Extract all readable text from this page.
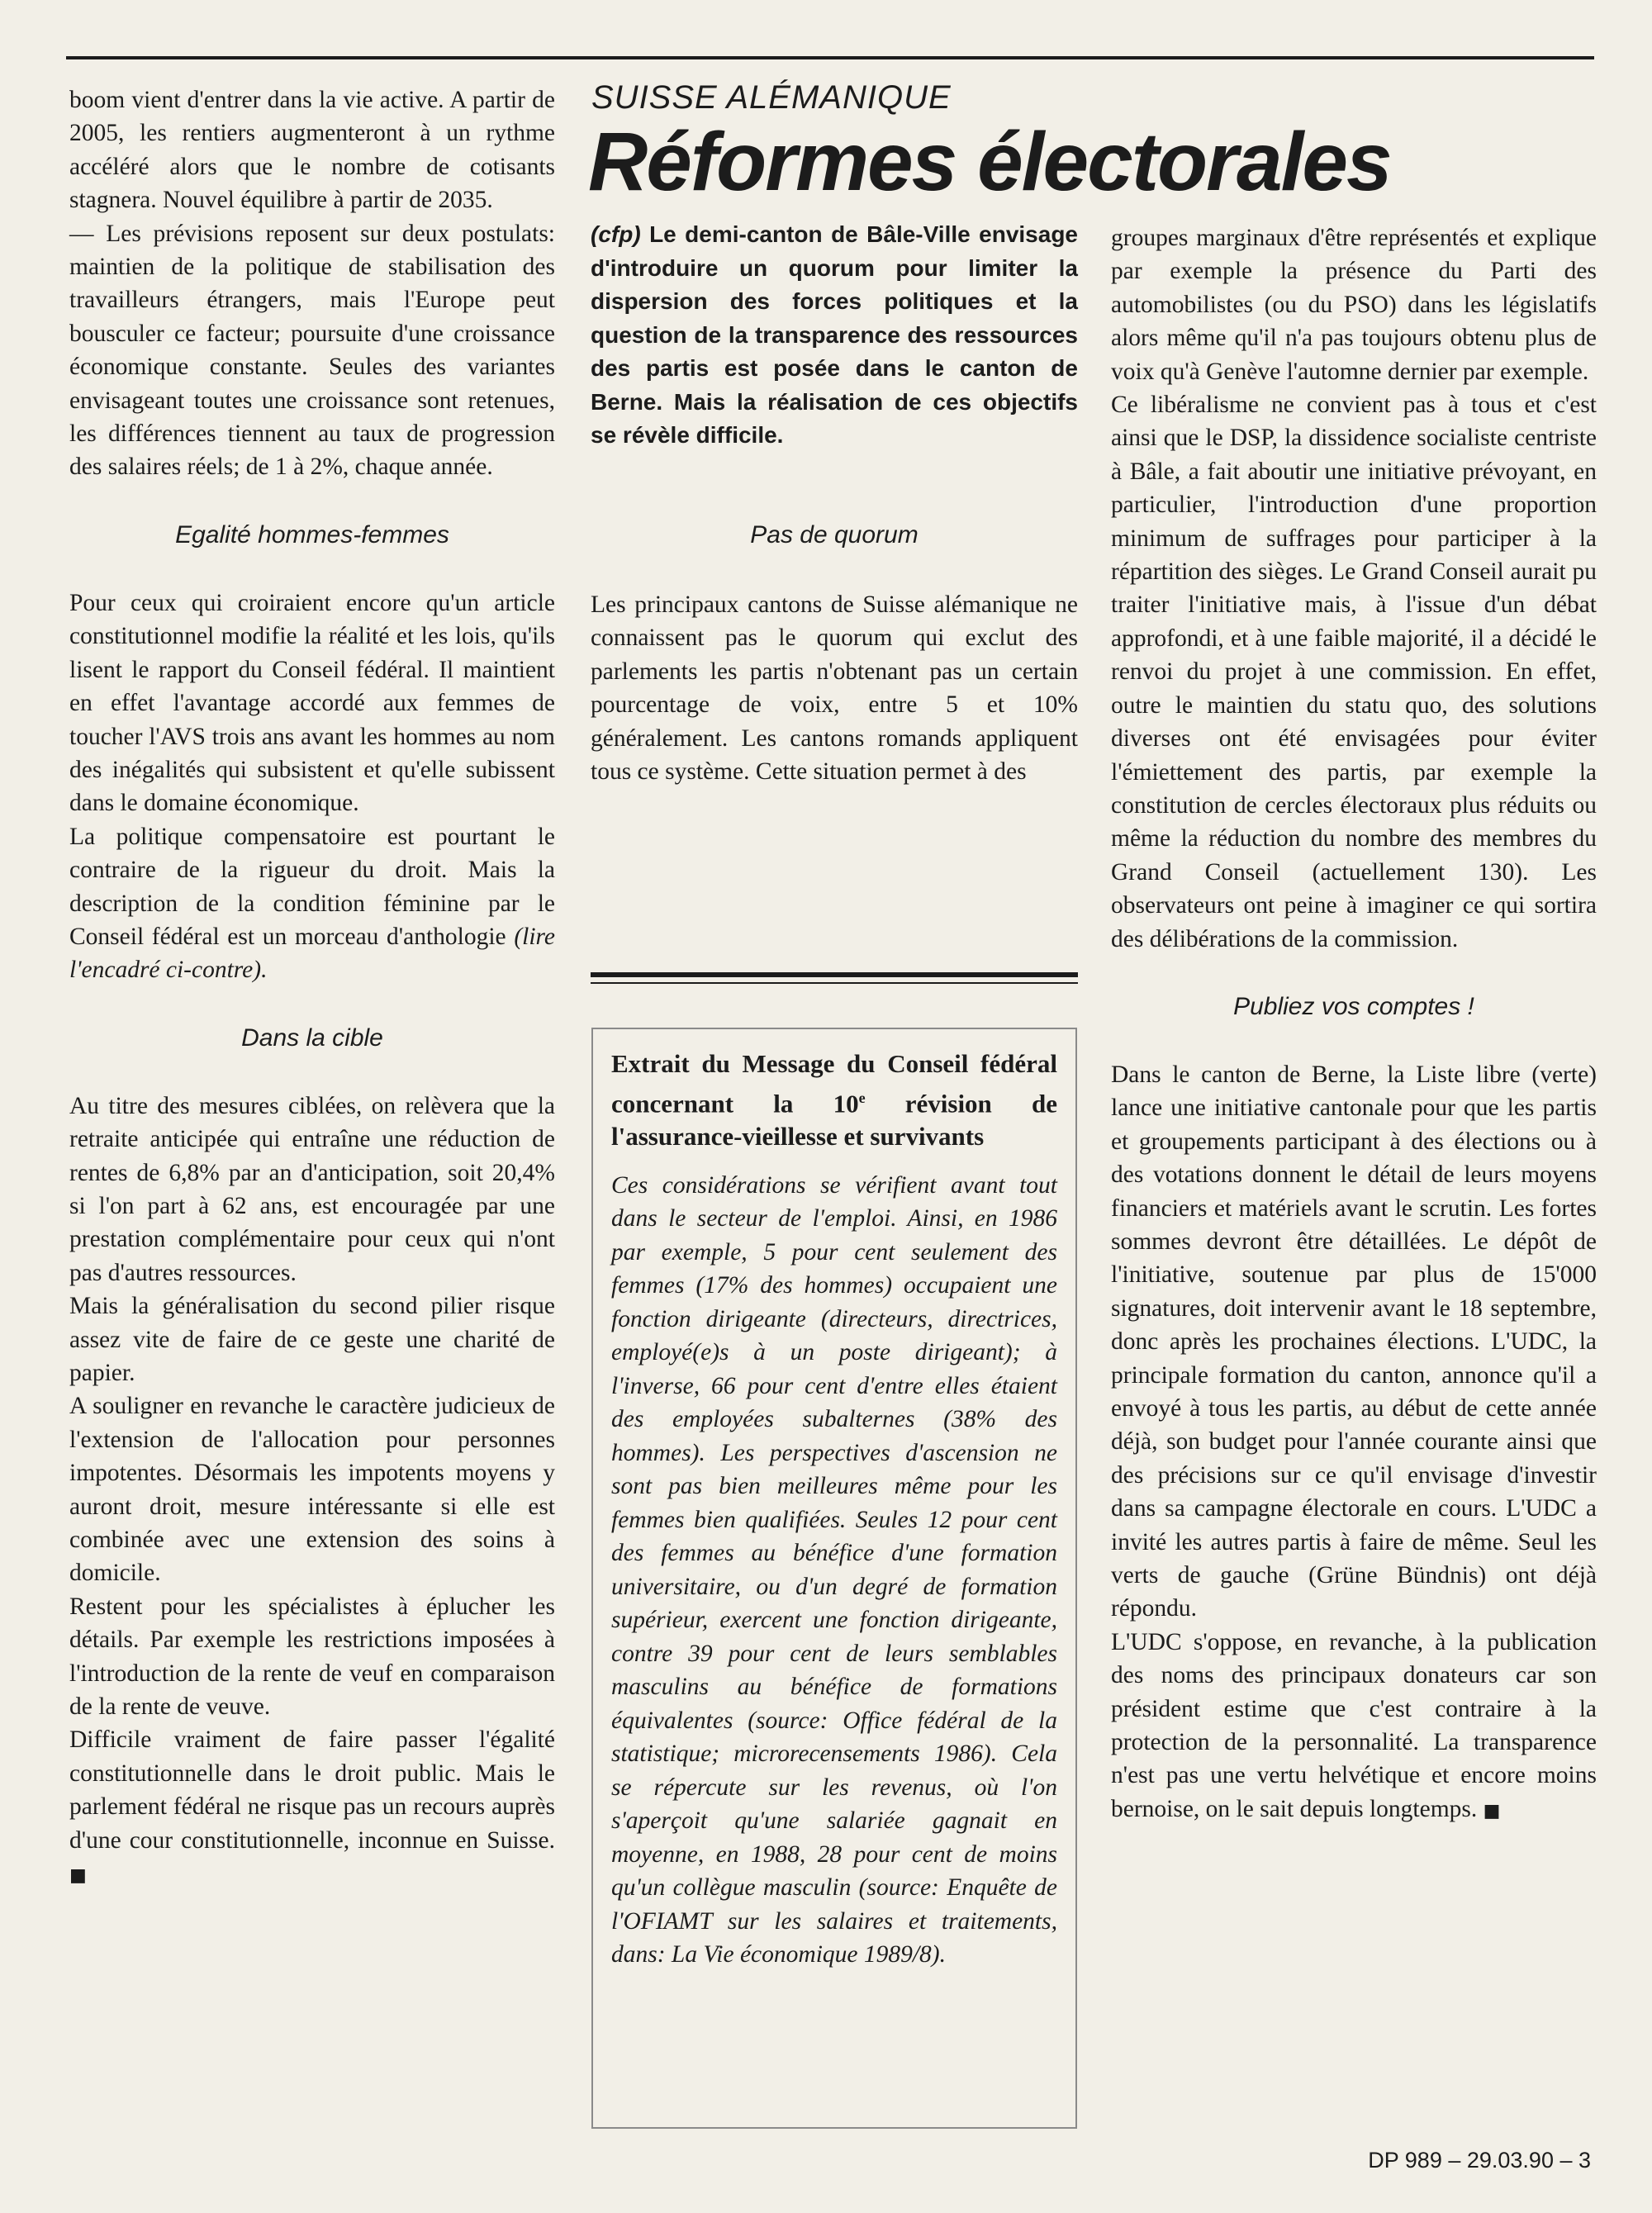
boom vient d'entrer dans la vie active. A partir de 2005, les rentiers augmenteront à un rythme accéléré alors que le nombre de cotisants stagnera. Nouvel équilibre à partir de 2035.

— Les prévisions reposent sur deux postulats: maintien de la politique de stabilisation des travailleurs étrangers, mais l'Europe peut bousculer ce facteur; poursuite d'une croissance économique constante. Seules des variantes envisageant toutes une croissance sont retenues, les différences tiennent au taux de progression des salaires réels; de 1 à 2%, chaque année.

Egalité hommes-femmes

Pour ceux qui croiraient encore qu'un article constitutionnel modifie la réalité et les lois, qu'ils lisent le rapport du Conseil fédéral. Il maintient en effet l'avantage accordé aux femmes de toucher l'AVS trois ans avant les hommes au nom des inégalités qui subsistent et qu'elle subissent dans le domaine économique.

La politique compensatoire est pourtant le contraire de la rigueur du droit. Mais la description de la condition féminine par le Conseil fédéral est un morceau d'anthologie (lire l'encadré ci-contre).

Dans la cible

Au titre des mesures ciblées, on relèvera que la retraite anticipée qui entraîne une réduction de rentes de 6,8% par an d'anticipation, soit 20,4% si l'on part à 62 ans, est encouragée par une prestation complémentaire pour ceux qui n'ont pas d'autres ressources.

Mais la généralisation du second pilier risque assez vite de faire de ce geste une charité de papier.

A souligner en revanche le caractère judicieux de l'extension de l'allocation pour personnes impotentes. Désormais les impotents moyens y auront droit, mesure intéressante si elle est combinée avec une extension des soins à domicile.

Restent pour les spécialistes à éplucher les détails. Par exemple les restrictions imposées à l'introduction de la rente de veuf en comparaison de la rente de veuve.

Difficile vraiment de faire passer l'égalité constitutionnelle dans le droit public. Mais le parlement fédéral ne risque pas un recours auprès d'une cour constitutionnelle, inconnue en Suisse. ■

SUISSE ALÉMANIQUE
Réformes électorales
(cfp) Le demi-canton de Bâle-Ville envisage d'introduire un quorum pour limiter la dispersion des forces politiques et la question de la transparence des ressources des partis est posée dans le canton de Berne. Mais la réalisation de ces objectifs se révèle difficile.
Pas de quorum

Les principaux cantons de Suisse alémanique ne connaissent pas le quorum qui exclut des parlements les partis n'obtenant pas un certain pourcentage de voix, entre 5 et 10% généralement. Les cantons romands appliquent tous ce système. Cette situation permet à des

Extrait du Message du Conseil fédéral concernant la 10e révision de l'assurance-vieillesse et survivants
Ces considérations se vérifient avant tout dans le secteur de l'emploi. Ainsi, en 1986 par exemple, 5 pour cent seulement des femmes (17% des hommes) occupaient une fonction dirigeante (directeurs, directrices, employé(e)s à un poste dirigeant); à l'inverse, 66 pour cent d'entre elles étaient des employées subalternes (38% des hommes). Les perspectives d'ascension ne sont pas bien meilleures même pour les femmes bien qualifiées. Seules 12 pour cent des femmes au bénéfice d'une formation universitaire, ou d'un degré de formation supérieur, exercent une fonction dirigeante, contre 39 pour cent de leurs semblables masculins au bénéfice de formations équivalentes (source: Office fédéral de la statistique; microrecensements 1986). Cela se répercute sur les revenus, où l'on s'aperçoit qu'une salariée gagnait en moyenne, en 1988, 28 pour cent de moins qu'un collègue masculin (source: Enquête de l'OFIAMT sur les salaires et traitements, dans: La Vie économique 1989/8).

groupes marginaux d'être représentés et explique par exemple la présence du Parti des automobilistes (ou du PSO) dans les législatifs alors même qu'il n'a pas toujours obtenu plus de voix qu'à Genève l'automne dernier par exemple.

Ce libéralisme ne convient pas à tous et c'est ainsi que le DSP, la dissidence socialiste centriste à Bâle, a fait aboutir une initiative prévoyant, en particulier, l'introduction d'une proportion minimum de suffrages pour participer à la répartition des sièges. Le Grand Conseil aurait pu traiter l'initiative mais, à l'issue d'un débat approfondi, et à une faible majorité, il a décidé le renvoi du projet à une commission. En effet, outre le maintien du statu quo, des solutions diverses ont été envisagées pour éviter l'émiettement des partis, par exemple la constitution de cercles électoraux plus réduits ou même la réduction du nombre des membres du Grand Conseil (actuellement 130). Les observateurs ont peine à imaginer ce qui sortira des délibérations de la commission.

Publiez vos comptes !

Dans le canton de Berne, la Liste libre (verte) lance une initiative cantonale pour que les partis et groupements participant à des élections ou à des votations donnent le détail de leurs moyens financiers et matériels avant le scrutin. Les fortes sommes devront être détaillées. Le dépôt de l'initiative, soutenue par plus de 15'000 signatures, doit intervenir avant le 18 septembre, donc après les prochaines élections. L'UDC, la principale formation du canton, annonce qu'il a envoyé à tous les partis, au début de cette année déjà, son budget pour l'année courante ainsi que des précisions sur ce qu'il envisage d'investir dans sa campagne électorale en cours. L'UDC a invité les autres partis à faire de même. Seul les verts de gauche (Grüne Bündnis) ont déjà répondu.

L'UDC s'oppose, en revanche, à la publication des noms des principaux donateurs car son président estime que c'est contraire à la protection de la personnalité. La transparence n'est pas une vertu helvétique et encore moins bernoise, on le sait depuis longtemps. ■

DP 989 – 29.03.90 – 3
